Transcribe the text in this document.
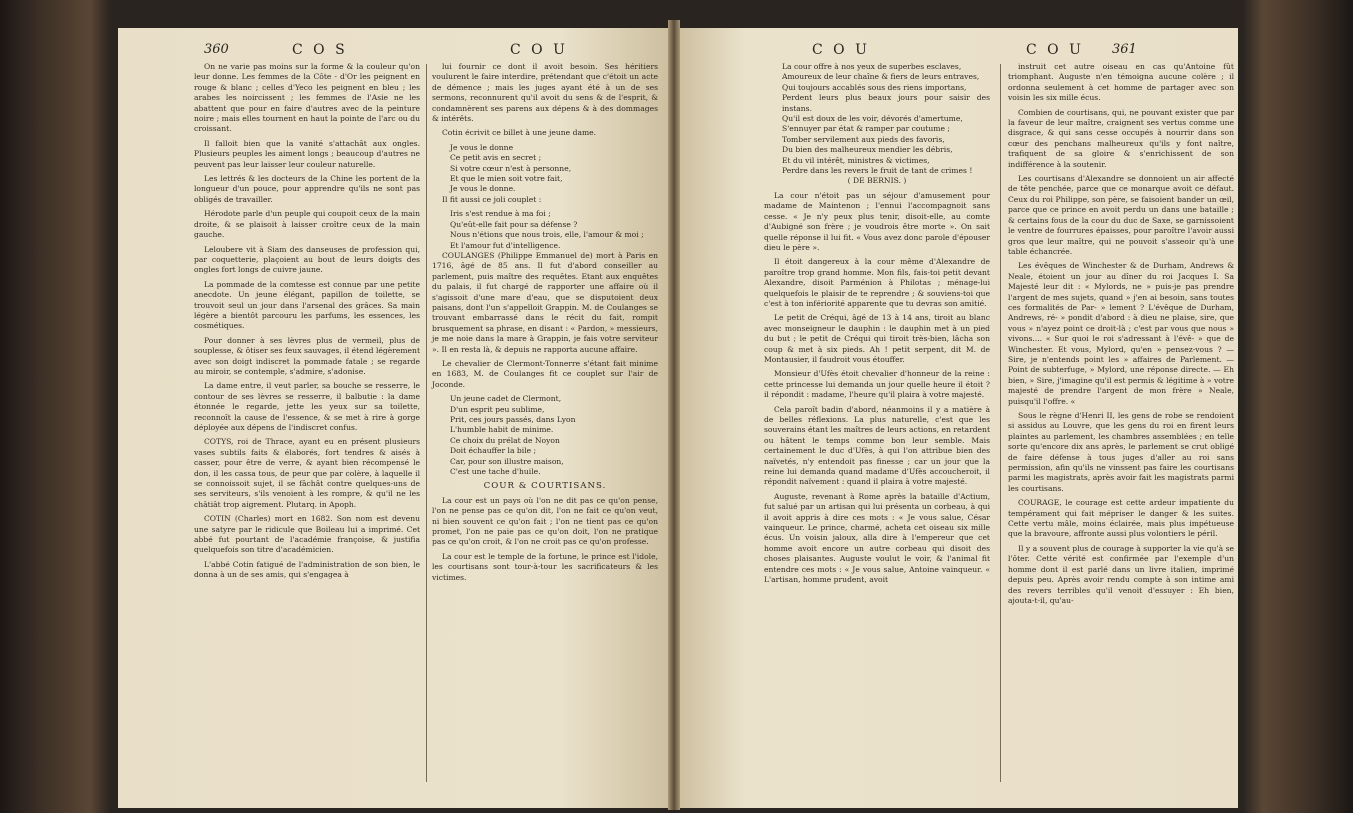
360	C O S	C O U	C O U	C O U 361

On ne varie pas moins sur la forme & la couleur qu'on leur donne. Les femmes de la Côte - d'Or les peignent en rouge & blanc ; celles d'Yeco les peignent en bleu ; les arabes les noircissent ; les femmes de l'Asie ne les abattent que pour en faire d'autres avec de la peinture noire ; mais elles tournent en haut la pointe de l'arc ou du croissant.

Il falloit bien que la vanité s'attachât aux ongles. Plusieurs peuples les aiment longs ; beaucoup d'autres ne peuvent pas leur laisser leur couleur naturelle.

Les lettrés & les docteurs de la Chine les portent de la longueur d'un pouce, pour apprendre qu'ils ne sont pas obligés de travailler.

Hérodote parle d'un peuple qui coupoit ceux de la main droite, & se plaisoit à laisser croître ceux de la main gauche.

Leloubere vit à Siam des danseuses de profession qui, par coquetterie, plaçoient au bout de leurs doigts des ongles fort longs de cuivre jaune.

La pommade de la comtesse est connue par une petite anecdote. Un jeune élégant, papillon de toilette, se trouvoit seul un jour dans l'arsenal des grâces. Sa main légère a bientôt parcouru les parfums, les essences, les cosmétiques.

Pour donner à ses lèvres plus de vermeil, plus de souplesse, & ôtiser ses feux sauvages, il étend légèrement avec son doigt indiscret la pommade fatale ; se regarde au miroir, se contemple, s'admire, s'adonise.

La dame entre, il veut parler, sa bouche se resserre, le contour de ses lèvres se resserre, il balbutie : la dame étonnée le regarde, jette les yeux sur sa toilette, reconnoît la cause de l'essence, & se met à rire à gorge déployée aux dépens de l'indiscret confus.

COTYS, roi de Thrace, ayant eu en présent plusieurs vases subtils faits & élaborés, fort tendres & aisés à casser, pour être de verre, & ayant bien récompensé le don, il les cassa tous, de peur que par colère, à laquelle il se connoissoit sujet, il se fâchât contre quelques-uns de ses serviteurs, s'ils venoient à les rompre, & qu'il ne les châtiât trop aigrement. Plutarq. in Apoph.

COTIN (Charles) mort en 1682. Son nom est devenu une satyre par le ridicule que Boileau lui a imprimé. Cet abbé fut pourtant de l'académie françoise, & justifia quelquefois son titre d'académicien.

L'abbé Cotin fatigué de l'administration de son bien, le donna à un de ses amis, qui s'engagea à

lui fournir ce dont il avoit besoin. Ses héritiers voulurent le faire interdire, prétendant que c'étoit un acte de démence ; mais les juges ayant été à un de ses sermons, reconnurent qu'il avoit du sens & de l'esprit, & condamnèrent ses parens aux dépens & à des dommages & intérêts.

Cotin écrivit ce billet à une jeune dame.

Je vous le donne

Ce petit avis en secret ;

Si votre cœur n'est à personne,

Et que le mien soit votre fait,

Je vous le donne.

Il fit aussi ce joli couplet :

Iris s'est rendue à ma foi ;

Qu'eût-elle fait pour sa défense ?

Nous n'étions que nous trois, elle, l'amour & moi ;

Et l'amour fut d'intelligence.

COULANGES (Philippe Emmanuel de) mort à Paris en 1716, âgé de 85 ans. Il fut d'abord conseiller au parlement, puis maître des requêtes. Etant aux enquêtes du palais, il fut chargé de rapporter une affaire où il s'agissoit d'une mare d'eau, que se disputoient deux paisans, dont l'un s'appelloit Grappin. M. de Coulanges se trouvant embarrassé dans le récit du fait, rompit brusquement sa phrase, en disant : « Pardon, » messieurs, je me noie dans la mare à Grappin, je fais votre serviteur ». Il en resta là, & depuis ne rapporta aucune affaire.

Le chevalier de Clermont-Tonnerre s'étant fait minime en 1683, M. de Coulanges fit ce couplet sur l'air de Joconde.

Un jeune cadet de Clermont,

D'un esprit peu sublime,

Prit, ces jours passés, dans Lyon

L'humble habit de minime.

Ce choix du prélat de Noyon

Doit échauffer la bile ;

Car, pour son illustre maison,

C'est une tache d'huile.

COUR & COURTISANS.

La cour est un pays où l'on ne dit pas ce qu'on pense, l'on ne pense pas ce qu'on dit, l'on ne fait ce qu'on veut, ni bien souvent ce qu'on fait ; l'on ne tient pas ce qu'on promet, l'on ne paie pas ce qu'on doit, l'on ne pratique pas ce qu'on croit, & l'on ne croit pas ce qu'on professe.

La cour est le temple de la fortune, le prince est l'idole, les courtisans sont tour-à-tour les sacrificateurs & les victimes.

La cour offre à nos yeux de superbes esclaves,

Amoureux de leur chaîne & fiers de leurs entraves,

Qui toujours accablés sous des riens importans,

Perdent leurs plus beaux jours pour saisir des instans.

Qu'il est doux de les voir, dévorés d'amertume,

S'ennuyer par état & ramper par coutume ;

Tomber servilement aux pieds des favoris,

Du bien des malheureux mendier les débris,

Et du vil intérêt, ministres & victimes,

Perdre dans les revers le fruit de tant de crimes !

( DE BERNIS. )

La cour n'étoit pas un séjour d'amusement pour madame de Maintenon ; l'ennui l'accompagnoit sans cesse. « Je n'y peux plus tenir, disoit-elle, au comte d'Aubigné son frère ; je voudrois être morte ». On sait quelle réponse il lui fit. « Vous avez donc parole d'épouser dieu le père ».

Il étoit dangereux à la cour même d'Alexandre de paroître trop grand homme. Mon fils, fais-toi petit devant Alexandre, disoit Parménion à Philotas ; ménage-lui quelquefois le plaisir de te reprendre ; & souviens-toi que c'est à ton infériorité apparente que tu devras son amitié.

Le petit de Créqui, âgé de 13 à 14 ans, tiroit au blanc avec monseigneur le dauphin : le dauphin met à un pied du but ; le petit de Créqui qui tiroit très-bien, lâcha son coup & met à six pieds. Ah ! petit serpent, dit M. de Montausier, il faudroit vous étouffer.

Monsieur d'Ufès étoit chevalier d'honneur de la reine : cette princesse lui demanda un jour quelle heure il étoit ? il répondit : madame, l'heure qu'il plaira à votre majesté.

Cela paroît badin d'abord, néanmoins il y a matière à de belles réflexions. La plus naturelle, c'est que les souverains étant les maîtres de leurs actions, en retardent ou hâtent le temps comme bon leur semble. Mais certainement le duc d'Ufès, à qui l'on attribue bien des naïvetés, n'y entendoit pas finesse ; car un jour que la reine lui demanda quand madame d'Ufès accoucheroit, il répondit naïvement : quand il plaira à votre majesté.

Auguste, revenant à Rome après la bataille d'Actium, fut salué par un artisan qui lui présenta un corbeau, à qui il avoit appris à dire ces mots : « Je vous salue, César vainqueur. Le prince, charmé, acheta cet oiseau six mille écus. Un voisin jaloux, alla dire à l'empereur que cet homme avoit encore un autre corbeau qui disoit des choses plaisantes. Auguste voulut le voir, & l'animal fit entendre ces mots : « Je vous salue, Antoine vainqueur. « L'artisan, homme prudent, avoit

instruit cet autre oiseau en cas qu'Antoine fût triomphant. Auguste n'en témoigna aucune colère ; il ordonna seulement à cet homme de partager avec son voisin les six mille écus.

Combien de courtisans, qui, ne pouvant exister que par la faveur de leur maître, craignent ses vertus comme une disgrace, & qui sans cesse occupés à nourrir dans son cœur des penchans malheureux qu'ils y font naître, trafiquent de sa gloire & s'enrichissent de son indifférence à la soutenir.

Les courtisans d'Alexandre se donnoient un air affecté de tête penchée, parce que ce monarque avoit ce défaut. Ceux du roi Philippe, son père, se faisoient bander un œil, parce que ce prince en avoit perdu un dans une bataille ; & certains fous de la cour du duc de Saxe, se garnissoient le ventre de fourrures épaisses, pour paroître l'avoir aussi gros que leur maître, qui ne pouvoit s'asseoir qu'à une table échancrée.

Les évêques de Winchester & de Durham, Andrews & Neale, étoient un jour au dîner du roi Jacques I. Sa Majesté leur dit : « Mylords, ne » puis-je pas prendre l'argent de mes sujets, quand » j'en ai besoin, sans toutes ces formalités de Par- » lement ? L'évêque de Durham, Andrews, ré- » pondit d'abord : à dieu ne plaise, sire, que vous » n'ayez point ce droit-là ; c'est par vous que nous » vivons.... « Sur quoi le roi s'adressant à l'évê- » que de Winchester. Et vous, Mylord, qu'en » pensez-vous ? — Sire, je n'entends point les » affaires de Parlement. — Point de subterfuge, » Mylord, une réponse directe. — Eh bien, » Sire, j'imagine qu'il est permis & légitime à » votre majesté de prendre l'argent de mon frère » Neale, puisqu'il l'offre. «

Sous le règne d'Henri II, les gens de robe se rendoient si assidus au Louvre, que les gens du roi en firent leurs plaintes au parlement, les chambres assemblées ; en telle sorte qu'encore dix ans après, le parlement se crut obligé de faire défense à tous juges d'aller au roi sans permission, afin qu'ils ne vinssent pas faire les courtisans parmi les magistrats, après avoir fait les magistrats parmi les courtisans.

COURAGE, le courage est cette ardeur impatiente du tempérament qui fait mépriser le danger & les suites. Cette vertu mâle, moins éclairée, mais plus impétueuse que la bravoure, affronte aussi plus volontiers le péril.

Il y a souvent plus de courage à supporter la vie qu'à se l'ôter. Cette vérité est confirmée par l'exemple d'un homme dont il est parlé dans un livre italien, imprimé depuis peu. Après avoir rendu compte à son intime ami des revers terribles qu'il venoit d'essuyer : Eh bien, ajouta-t-il, qu'au-
